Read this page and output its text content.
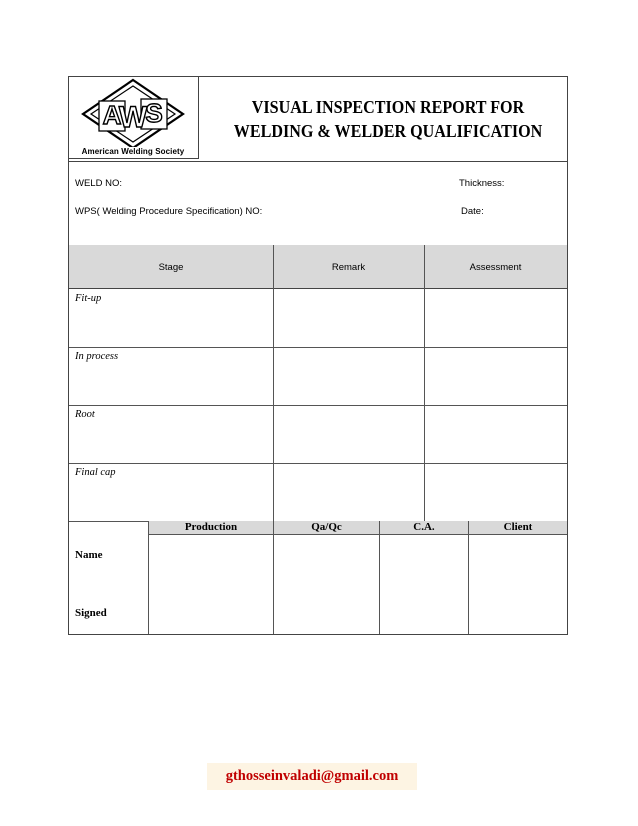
A
W
S
American Welding Society
VISUAL INSPECTION REPORT FOR
WELDING & WELDER QUALIFICATION
WELD NO:	Thickness:
WPS( Welding Procedure Specification) NO:	Date:
Stage	Remark	Assessment
Fit-up
In process
Root
Final cap
Production	Qa/Qc	C.A.	Client
Name
Signed
gthosseinvaladi@gmail.com
